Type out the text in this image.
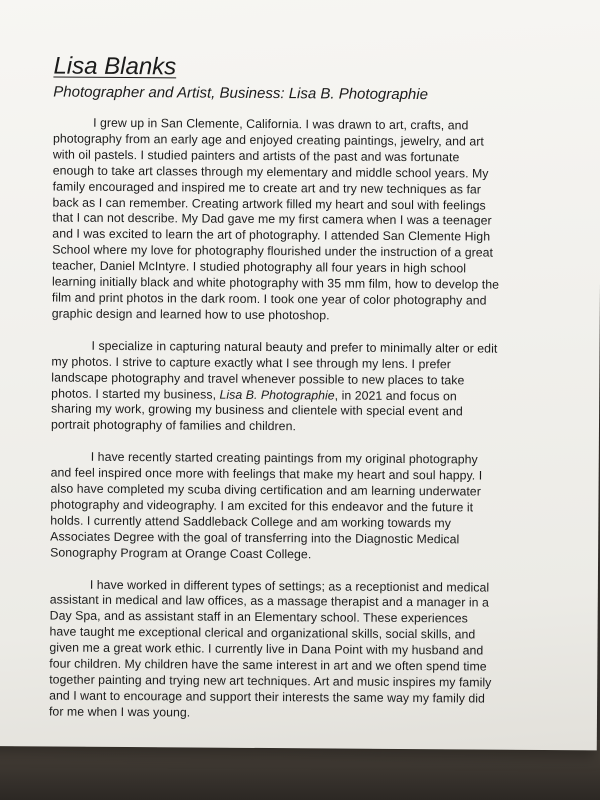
Lisa Blanks
Photographer and Artist, Business: Lisa B. Photographie

I grew up in San Clemente, California. I was drawn to art, crafts, and photography from an early age and enjoyed creating paintings, jewelry, and art with oil pastels. I studied painters and artists of the past and was fortunate enough to take art classes through my elementary and middle school years. My family encouraged and inspired me to create art and try new techniques as far back as I can remember. Creating artwork filled my heart and soul with feelings that I can not describe. My Dad gave me my first camera when I was a teenager and I was excited to learn the art of photography. I attended San Clemente High School where my love for photography flourished under the instruction of a great teacher, Daniel McIntyre. I studied photography all four years in high school learning initially black and white photography with 35 mm film, how to develop the film and print photos in the dark room. I took one year of color photography and graphic design and learned how to use photoshop.

I specialize in capturing natural beauty and prefer to minimally alter or edit my photos. I strive to capture exactly what I see through my lens. I prefer landscape photography and travel whenever possible to new places to take photos. I started my business, Lisa B. Photographie, in 2021 and focus on sharing my work, growing my business and clientele with special event and portrait photography of families and children.

I have recently started creating paintings from my original photography and feel inspired once more with feelings that make my heart and soul happy. I also have completed my scuba diving certification and am learning underwater photography and videography. I am excited for this endeavor and the future it holds. I currently attend Saddleback College and am working towards my Associates Degree with the goal of transferring into the Diagnostic Medical Sonography Program at Orange Coast College.

I have worked in different types of settings; as a receptionist and medical assistant in medical and law offices, as a massage therapist and a manager in a Day Spa, and as assistant staff in an Elementary school. These experiences have taught me exceptional clerical and organizational skills, social skills, and given me a great work ethic. I currently live in Dana Point with my husband and four children. My children have the same interest in art and we often spend time together painting and trying new art techniques. Art and music inspires my family and I want to encourage and support their interests the same way my family did for me when I was young.
